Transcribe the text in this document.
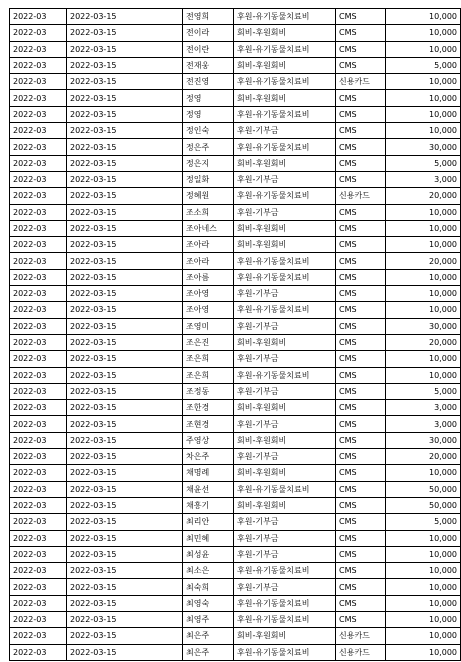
2022-03	2022-03-15	전영희	후원-유기동물치료비	CMS	10,000
2022-03	2022-03-15	전이라	회비-후원회비	CMS	10,000
2022-03	2022-03-15	전이란	후원-유기동물치료비	CMS	10,000
2022-03	2022-03-15	전재웅	회비-후원회비	CMS	5,000
2022-03	2022-03-15	전진영	후원-유기동물치료비	신용카드	10,000
2022-03	2022-03-15	정영	회비-후원회비	CMS	10,000
2022-03	2022-03-15	정영	후원-유기동물치료비	CMS	10,000
2022-03	2022-03-15	정인숙	후원-기부금	CMS	10,000
2022-03	2022-03-15	정은주	후원-유기동물치료비	CMS	30,000
2022-03	2022-03-15	정은지	회비-후원회비	CMS	5,000
2022-03	2022-03-15	정일화	후원-기부금	CMS	3,000
2022-03	2022-03-15	정혜원	후원-유기동물치료비	신용카드	20,000
2022-03	2022-03-15	조소희	후원-기부금	CMS	10,000
2022-03	2022-03-15	조아네스	회비-후원회비	CMS	10,000
2022-03	2022-03-15	조아라	회비-후원회비	CMS	10,000
2022-03	2022-03-15	조아라	후원-유기동물치료비	CMS	20,000
2022-03	2022-03-15	조아름	후원-유기동물치료비	CMS	10,000
2022-03	2022-03-15	조아영	후원-기부금	CMS	10,000
2022-03	2022-03-15	조아영	후원-유기동물치료비	CMS	10,000
2022-03	2022-03-15	조영미	후원-기부금	CMS	30,000
2022-03	2022-03-15	조은진	회비-후원회비	CMS	20,000
2022-03	2022-03-15	조은희	후원-기부금	CMS	10,000
2022-03	2022-03-15	조은희	후원-유기동물치료비	CMS	10,000
2022-03	2022-03-15	조정동	후원-기부금	CMS	5,000
2022-03	2022-03-15	조한경	회비-후원회비	CMS	3,000
2022-03	2022-03-15	조현경	후원-기부금	CMS	3,000
2022-03	2022-03-15	주영상	회비-후원회비	CMS	30,000
2022-03	2022-03-15	차은주	후원-기부금	CMS	20,000
2022-03	2022-03-15	채명례	회비-후원회비	CMS	10,000
2022-03	2022-03-15	채윤선	후원-유기동물치료비	CMS	50,000
2022-03	2022-03-15	채흥기	회비-후원회비	CMS	50,000
2022-03	2022-03-15	최리안	후원-기부금	CMS	5,000
2022-03	2022-03-15	최민혜	후원-기부금	CMS	10,000
2022-03	2022-03-15	최성윤	후원-기부금	CMS	10,000
2022-03	2022-03-15	최소은	후원-유기동물치료비	CMS	10,000
2022-03	2022-03-15	최숙희	후원-기부금	CMS	10,000
2022-03	2022-03-15	최영숙	후원-유기동물치료비	CMS	10,000
2022-03	2022-03-15	최영주	후원-유기동물치료비	CMS	10,000
2022-03	2022-03-15	최은주	회비-후원회비	신용카드	10,000
2022-03	2022-03-15	최은주	후원-유기동물치료비	신용카드	10,000
